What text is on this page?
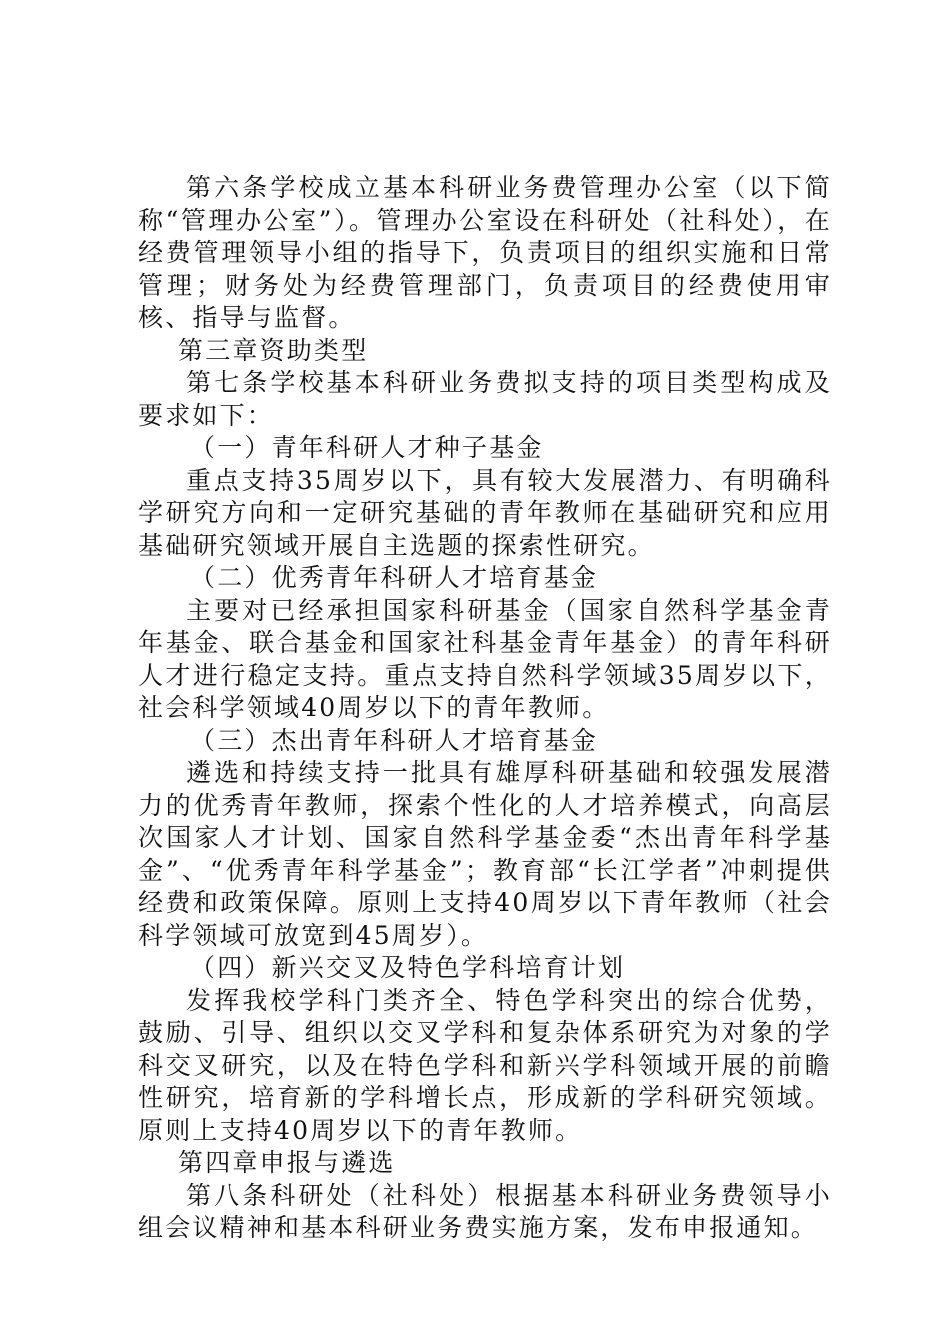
第六条学校成立基本科研业务费管理办公室（以下简称“管理办公室”）。管理办公室设在科研处（社科处），在经费管理领导小组的指导下，负责项目的组织实施和日常管理；财务处为经费管理部门，负责项目的经费使用审核、指导与监督。

第三章资助类型

第七条学校基本科研业务费拟支持的项目类型构成及要求如下：

（一）青年科研人才种子基金

重点支持35周岁以下，具有较大发展潜力、有明确科学研究方向和一定研究基础的青年教师在基础研究和应用基础研究领域开展自主选题的探索性研究。

（二）优秀青年科研人才培育基金

主要对已经承担国家科研基金（国家自然科学基金青年基金、联合基金和国家社科基金青年基金）的青年科研人才进行稳定支持。重点支持自然科学领域35周岁以下，社会科学领域40周岁以下的青年教师。

（三）杰出青年科研人才培育基金

遴选和持续支持一批具有雄厚科研基础和较强发展潜力的优秀青年教师，探索个性化的人才培养模式，向高层次国家人才计划、国家自然科学基金委“杰出青年科学基金”、“优秀青年科学基金”；教育部“长江学者”冲刺提供经费和政策保障。原则上支持40周岁以下青年教师（社会科学领域可放宽到45周岁）。

（四）新兴交叉及特色学科培育计划

发挥我校学科门类齐全、特色学科突出的综合优势，鼓励、引导、组织以交叉学科和复杂体系研究为对象的学科交叉研究，以及在特色学科和新兴学科领域开展的前瞻性研究，培育新的学科增长点，形成新的学科研究领域。原则上支持40周岁以下的青年教师。

第四章申报与遴选

第八条科研处（社科处）根据基本科研业务费领导小组会议精神和基本科研业务费实施方案，发布申报通知。
